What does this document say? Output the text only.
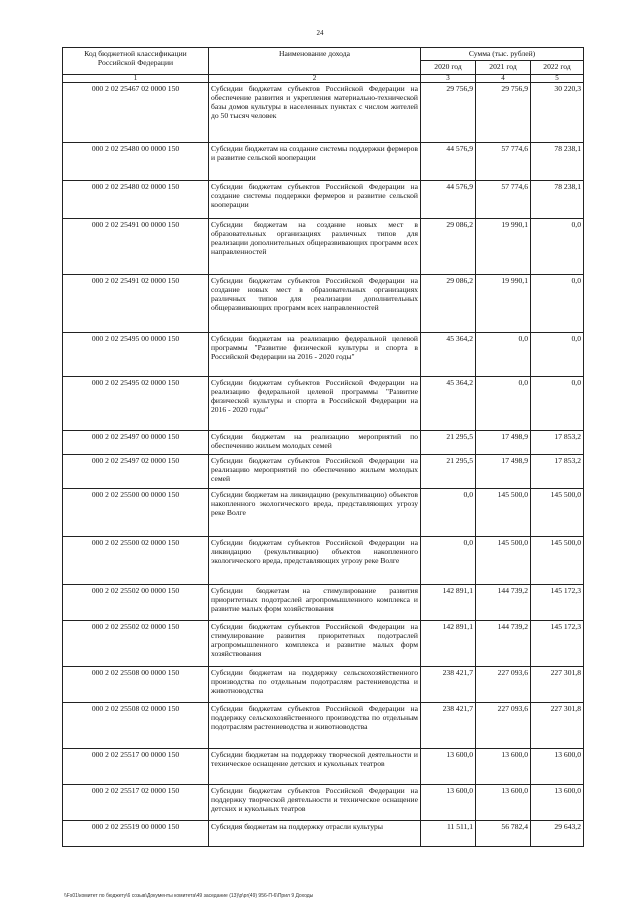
24
Код бюджетной классификации Российской Федерации	Наименование дохода	Сумма (тыс. рублей)		
		2020 год	2021 год	2022 год
1	2	3	4	5
000 2 02 25467 02 0000 150	Субсидии бюджетам субъектов Российской Федерации на обеспечение развития и укрепления материально-технической базы домов культуры в населенных пунктах с числом жителей до 50 тысяч человек	29 756,9	29 756,9	30 220,3
000 2 02 25480 00 0000 150	Субсидии бюджетам на создание системы поддержки фермеров и развитие сельской кооперации	44 576,9	57 774,6	78 238,1
000 2 02 25480 02 0000 150	Субсидии бюджетам субъектов Российской Федерации на создание системы поддержки фермеров и развитие сельской кооперации	44 576,9	57 774,6	78 238,1
000 2 02 25491 00 0000 150	Субсидии бюджетам на создание новых мест в образовательных организациях различных типов для реализации дополнительных общеразвивающих программ всех направленностей	29 086,2	19 990,1	0,0
000 2 02 25491 02 0000 150	Субсидии бюджетам субъектов Российской Федерации на создание новых мест в образовательных организациях различных типов для реализации дополнительных общеразвивающих программ всех направленностей	29 086,2	19 990,1	0,0
000 2 02 25495 00 0000 150	Субсидии бюджетам на реализацию федеральной целевой программы "Развитие физической культуры и спорта в Российской Федерации на 2016 - 2020 годы"	45 364,2	0,0	0,0
000 2 02 25495 02 0000 150	Субсидии бюджетам субъектов Российской Федерации на реализацию федеральной целевой программы "Развитие физической культуры и спорта в Российской Федерации на 2016 - 2020 годы"	45 364,2	0,0	0,0
000 2 02 25497 00 0000 150	Субсидии бюджетам на реализацию мероприятий по обеспечению жильем молодых семей	21 295,5	17 498,9	17 853,2
000 2 02 25497 02 0000 150	Субсидии бюджетам субъектов Российской Федерации на реализацию мероприятий по обеспечению жильем молодых семей	21 295,5	17 498,9	17 853,2
000 2 02 25500 00 0000 150	Субсидии бюджетам на ликвидацию (рекультивацию) объектов накопленного экологического вреда, представляющих угрозу реке Волге	0,0	145 500,0	145 500,0
000 2 02 25500 02 0000 150	Субсидии бюджетам субъектов Российской Федерации на ликвидацию (рекультивацию) объектов накопленного экологического вреда, представляющих угрозу реке Волге	0,0	145 500,0	145 500,0
000 2 02 25502 00 0000 150	Субсидии бюджетам на стимулирование развития приоритетных подотраслей агропромышленного комплекса и развитие малых форм хозяйствования	142 891,1	144 739,2	145 172,3
000 2 02 25502 02 0000 150	Субсидии бюджетам субъектов Российской Федерации на стимулирование развития приоритетных подотраслей агропромышленного комплекса и развитие малых форм хозяйствования	142 891,1	144 739,2	145 172,3
000 2 02 25508 00 0000 150	Субсидии бюджетам на поддержку сельскохозяйственного производства по отдельным подотраслям растениеводства и животноводства	238 421,7	227 093,6	227 301,8
000 2 02 25508 02 0000 150	Субсидии бюджетам субъектов Российской Федерации на поддержку сельскохозяйственного производства по отдельным подотраслям растениеводства и животноводства	238 421,7	227 093,6	227 301,8
000 2 02 25517 00 0000 150	Субсидии бюджетам на поддержку творческой деятельности и техническое оснащение детских и кукольных театров	13 600,0	13 600,0	13 600,0
000 2 02 25517 02 0000 150	Субсидии бюджетам субъектов Российской Федерации на поддержку творческой деятельности и техническое оснащение детских и кукольных театров	13 600,0	13 600,0	13 600,0
000 2 02 25519 00 0000 150	Субсидия бюджетам на поддержку отрасли культуры	11 511,1	56 782,4	29 643,2
\\Fs01\комитет по бюджету\6 созыв\Документы комитета\49 заседание (13)\p\pr(49) 956-П-6\Прил 9 Доходы
